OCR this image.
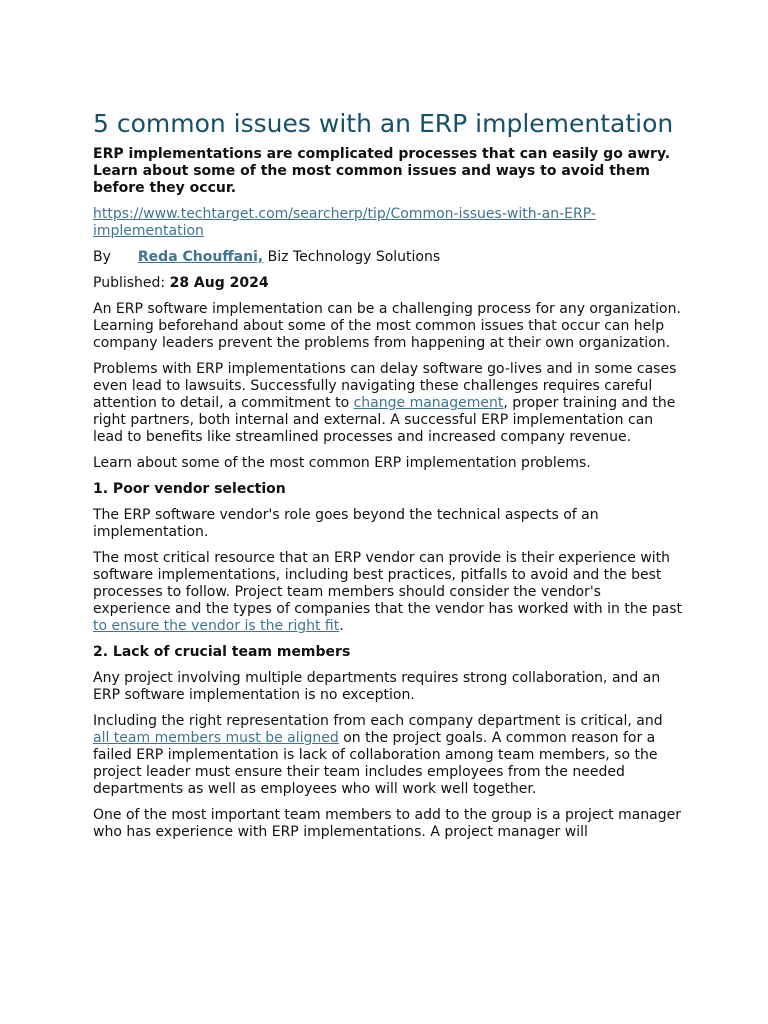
5 common issues with an ERP implementation
ERP implementations are complicated processes that can easily go awry. Learn about some of the most common issues and ways to avoid them before they occur.

https://www.techtarget.com/searcherp/tip/Common-issues-with-an-ERP-implementation

By Reda Chouffani, Biz Technology Solutions

Published: 28 Aug 2024

An ERP software implementation can be a challenging process for any organization. Learning beforehand about some of the most common issues that occur can help company leaders prevent the problems from happening at their own organization.

Problems with ERP implementations can delay software go-lives and in some cases even lead to lawsuits. Successfully navigating these challenges requires careful attention to detail, a commitment to change management, proper training and the right partners, both internal and external. A successful ERP implementation can lead to benefits like streamlined processes and increased company revenue.

Learn about some of the most common ERP implementation problems.

1. Poor vendor selection

The ERP software vendor's role goes beyond the technical aspects of an implementation.

The most critical resource that an ERP vendor can provide is their experience with software implementations, including best practices, pitfalls to avoid and the best processes to follow. Project team members should consider the vendor's experience and the types of companies that the vendor has worked with in the past to ensure the vendor is the right fit.

2. Lack of crucial team members

Any project involving multiple departments requires strong collaboration, and an ERP software implementation is no exception.

Including the right representation from each company department is critical, and all team members must be aligned on the project goals. A common reason for a failed ERP implementation is lack of collaboration among team members, so the project leader must ensure their team includes employees from the needed departments as well as employees who will work well together.

One of the most important team members to add to the group is a project manager who has experience with ERP implementations. A project manager will
